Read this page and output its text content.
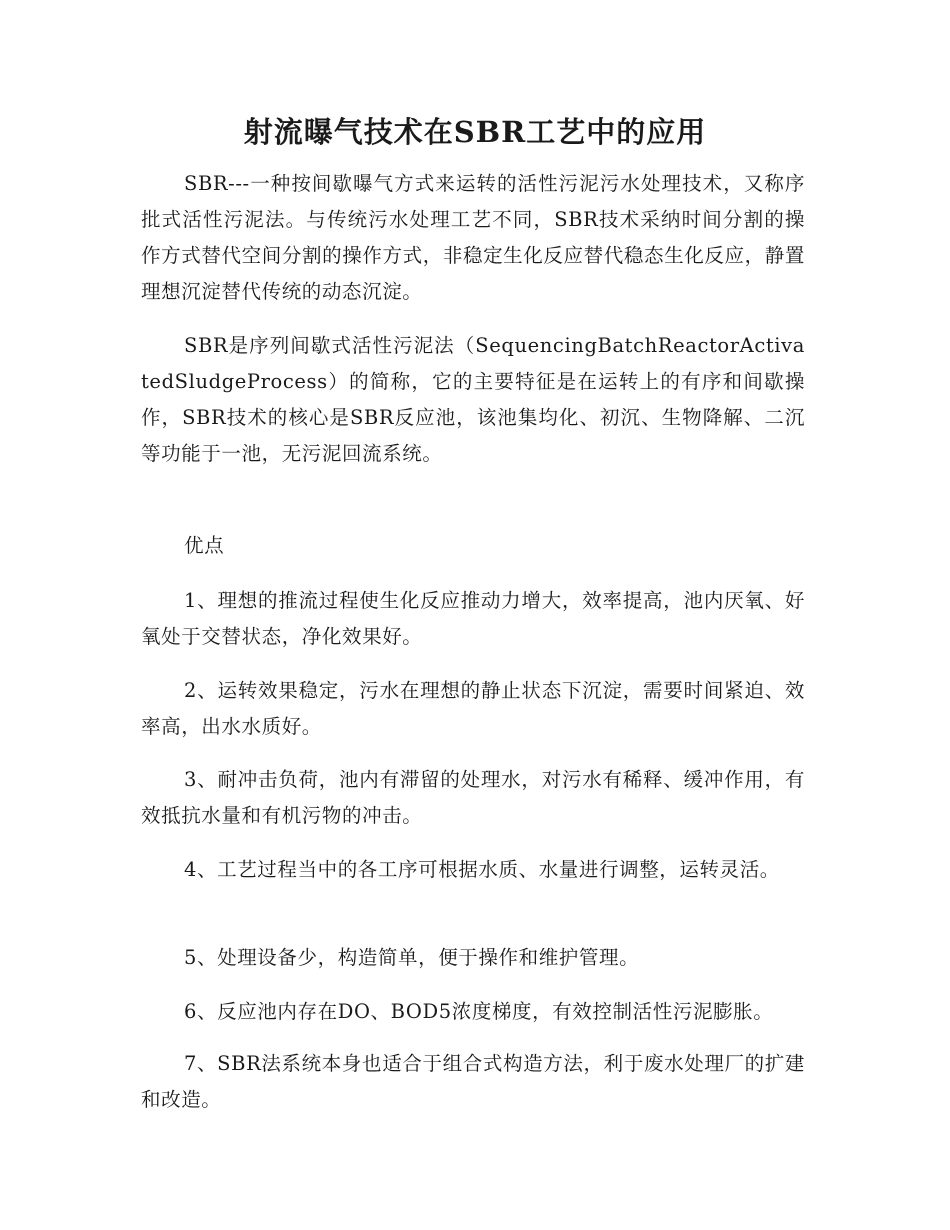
射流曝气技术在SBR工艺中的应用

SBR---一种按间歇曝气方式来运转的活性污泥污水处理技术，又称序批式活性污泥法。与传统污水处理工艺不同，SBR技术采纳时间分割的操作方式替代空间分割的操作方式，非稳定生化反应替代稳态生化反应，静置理想沉淀替代传统的动态沉淀。

SBR是序列间歇式活性污泥法（SequencingBatchReactorActivatedSludgeProcess）的简称，它的主要特征是在运转上的有序和间歇操作，SBR技术的核心是SBR反应池，该池集均化、初沉、生物降解、二沉等功能于一池，无污泥回流系统。

优点

1、理想的推流过程使生化反应推动力增大，效率提高，池内厌氧、好氧处于交替状态，净化效果好。

2、运转效果稳定，污水在理想的静止状态下沉淀，需要时间紧迫、效率高，出水水质好。

3、耐冲击负荷，池内有滞留的处理水，对污水有稀释、缓冲作用，有效抵抗水量和有机污物的冲击。

4、工艺过程当中的各工序可根据水质、水量进行调整，运转灵活。

5、处理设备少，构造简单，便于操作和维护管理。

6、反应池内存在DO、BOD5浓度梯度，有效控制活性污泥膨胀。

7、SBR法系统本身也适合于组合式构造方法，利于废水处理厂的扩建和改造。
